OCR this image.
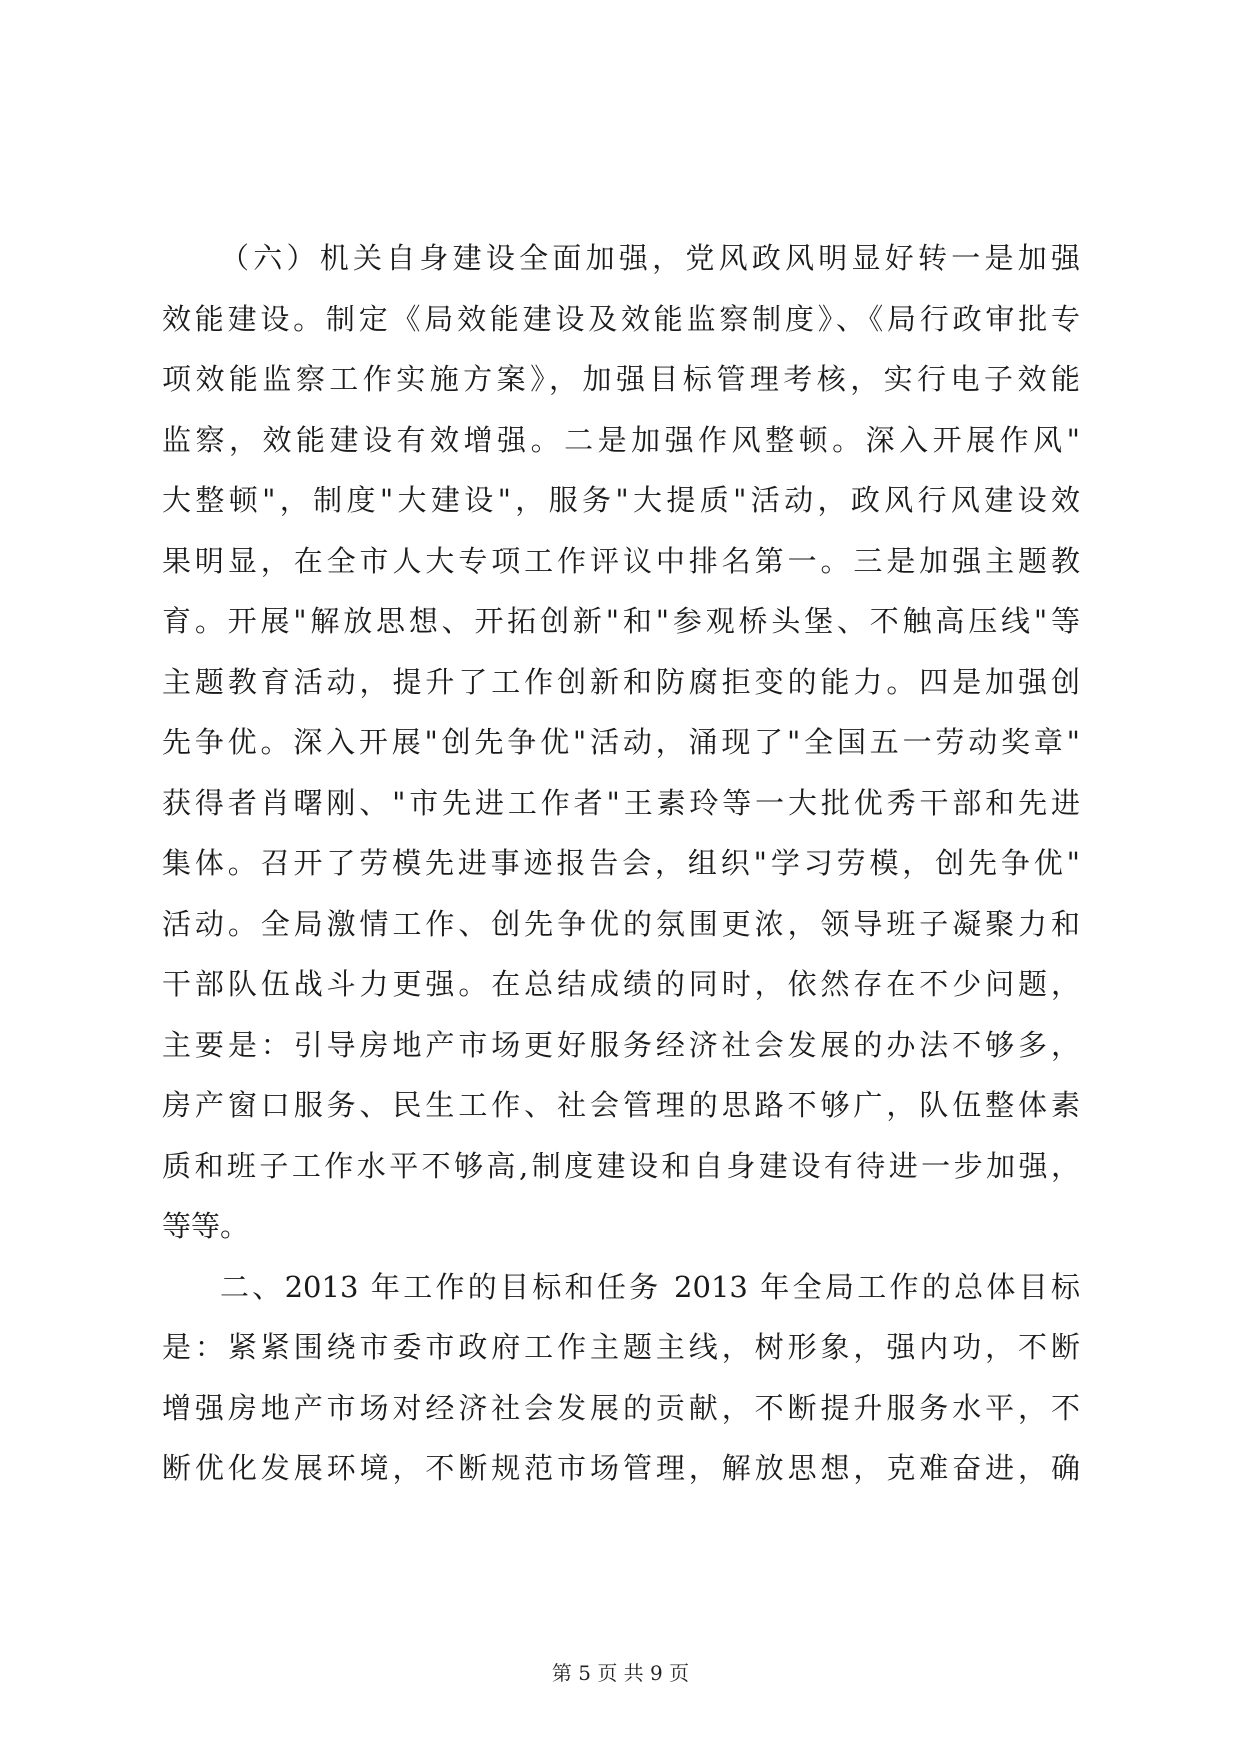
（六）机关自身建设全面加强，党风政风明显好转一是加强
效能建设。制定《局效能建设及效能监察制度》、《局行政审批专
项效能监察工作实施方案》，加强目标管理考核，实行电子效能
监察，效能建设有效增强。二是加强作风整顿。深入开展作风"
大整顿"，制度"大建设"，服务"大提质"活动，政风行风建设效
果明显，在全市人大专项工作评议中排名第一。三是加强主题教
育。开展"解放思想、开拓创新"和"参观桥头堡、不触高压线"等
主题教育活动，提升了工作创新和防腐拒变的能力。四是加强创
先争优。深入开展"创先争优"活动，涌现了"全国五一劳动奖章"
获得者肖曙刚、"市先进工作者"王素玲等一大批优秀干部和先进
集体。召开了劳模先进事迹报告会，组织"学习劳模，创先争优"
活动。全局激情工作、创先争优的氛围更浓，领导班子凝聚力和
干部队伍战斗力更强。在总结成绩的同时，依然存在不少问题，
主要是：引导房地产市场更好服务经济社会发展的办法不够多，
房产窗口服务、民生工作、社会管理的思路不够广，队伍整体素
质和班子工作水平不够高,制度建设和自身建设有待进一步加强，
等等。
二、2013 年工作的目标和任务 2013 年全局工作的总体目标
是：紧紧围绕市委市政府工作主题主线，树形象，强内功，不断
增强房地产市场对经济社会发展的贡献，不断提升服务水平，不
断优化发展环境，不断规范市场管理，解放思想，克难奋进，确
第 5 页 共 9 页
